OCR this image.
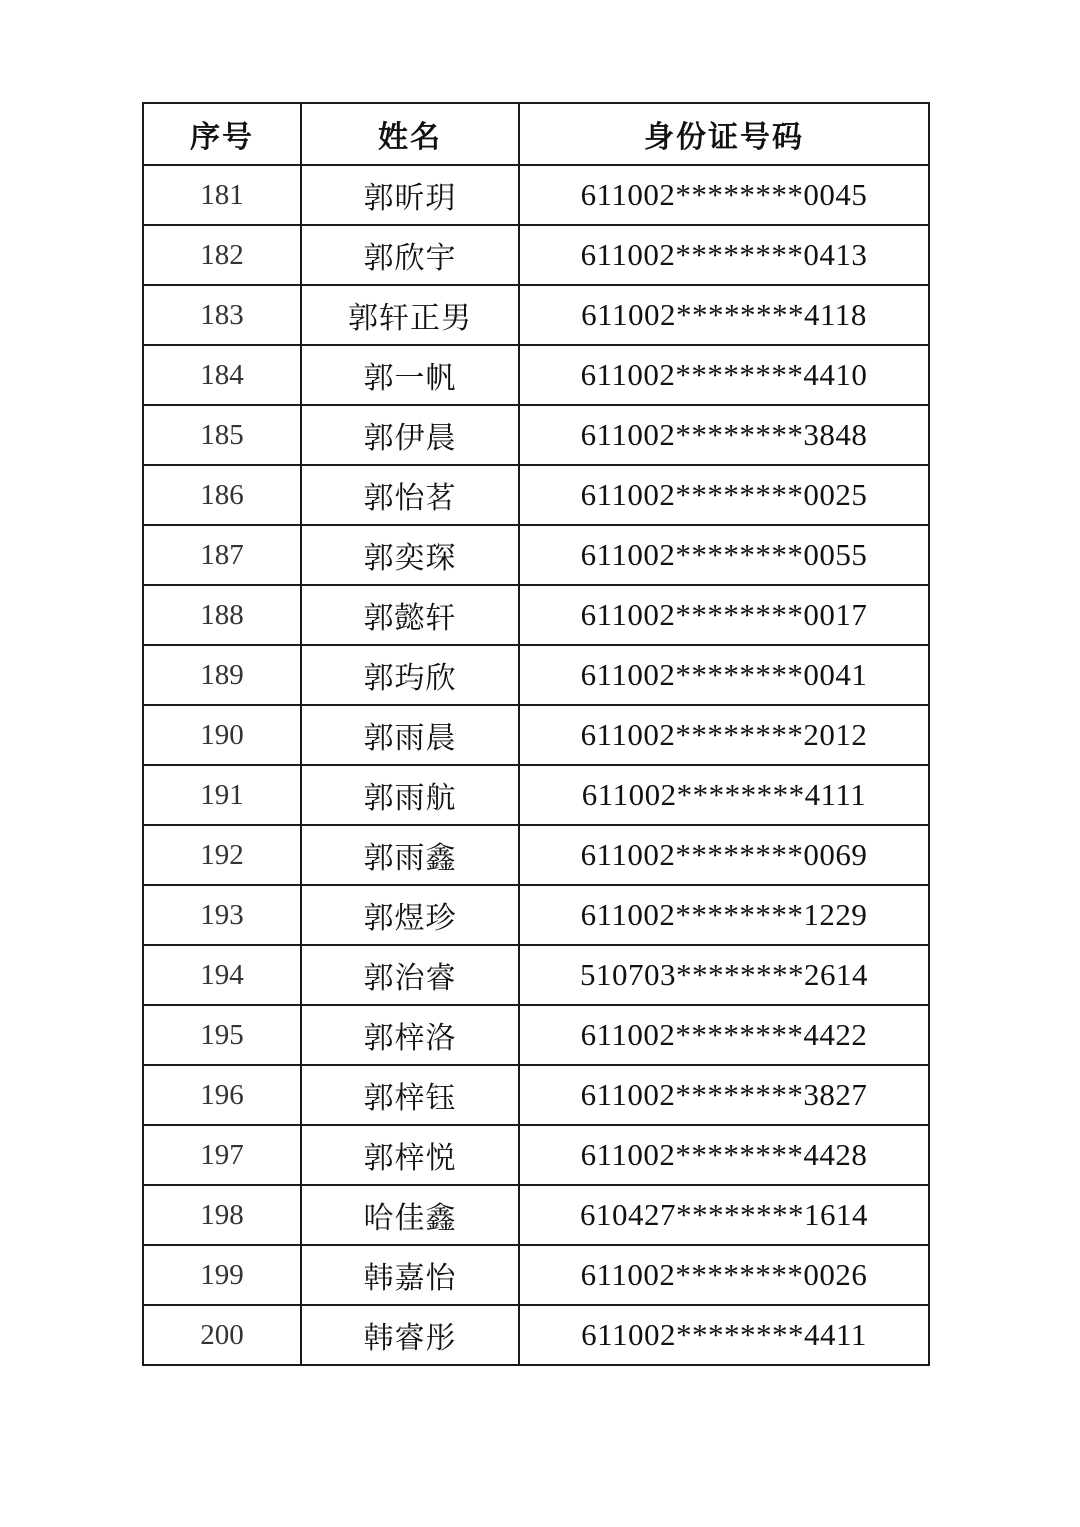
序号	姓名	身份证号码
181	郭昕玥	611002********0045
182	郭欣宇	611002********0413
183	郭轩正男	611002********4118
184	郭一帆	611002********4410
185	郭伊晨	611002********3848
186	郭怡茗	611002********0025
187	郭奕琛	611002********0055
188	郭懿轩	611002********0017
189	郭玙欣	611002********0041
190	郭雨晨	611002********2012
191	郭雨航	611002********4111
192	郭雨鑫	611002********0069
193	郭煜珍	611002********1229
194	郭治睿	510703********2614
195	郭梓洛	611002********4422
196	郭梓钰	611002********3827
197	郭梓悦	611002********4428
198	哈佳鑫	610427********1614
199	韩嘉怡	611002********0026
200	韩睿彤	611002********4411
